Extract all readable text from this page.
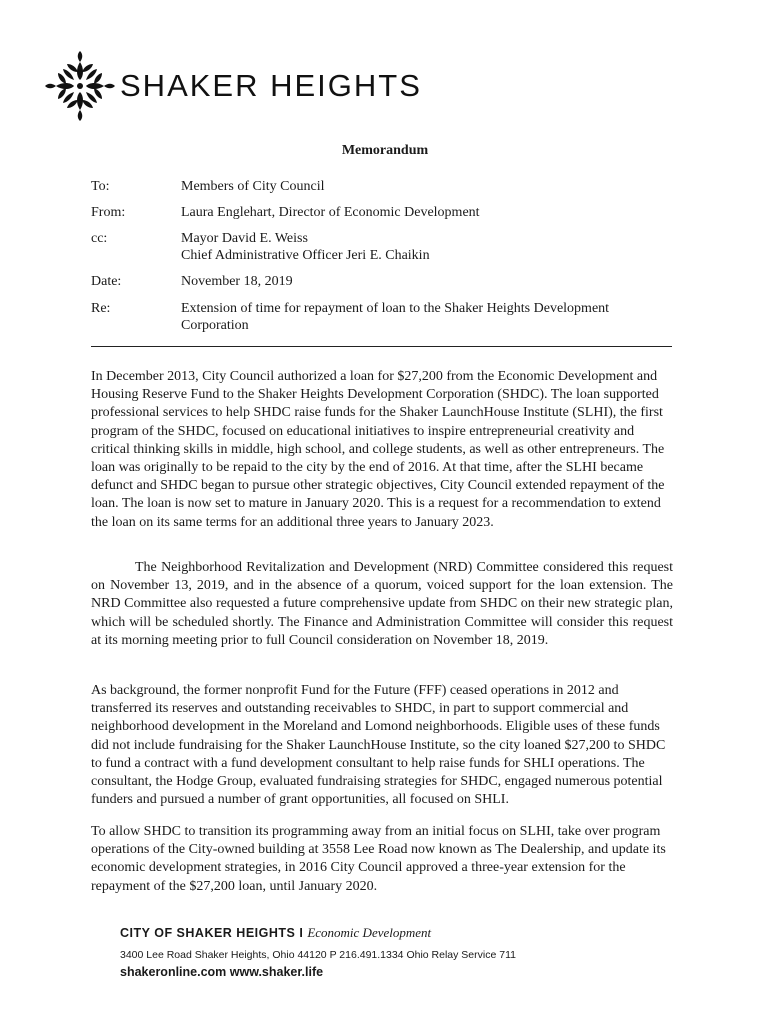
SHAKER HEIGHTS
Memorandum
To:	Members of City Council
From:	Laura Englehart, Director of Economic Development
cc:	Mayor David E. Weiss
Chief Administrative Officer Jeri E. Chaikin
Date:	November 18, 2019
Re:	Extension of time for repayment of loan to the Shaker Heights Development Corporation
In December 2013, City Council authorized a loan for $27,200 from the Economic Development and Housing Reserve Fund to the Shaker Heights Development Corporation (SHDC). The loan supported professional services to help SHDC raise funds for the Shaker LaunchHouse Institute (SLHI), the first program of the SHDC, focused on educational initiatives to inspire entrepreneurial creativity and critical thinking skills in middle, high school, and college students, as well as other entrepreneurs. The loan was originally to be repaid to the city by the end of 2016. At that time, after the SLHI became defunct and SHDC began to pursue other strategic objectives, City Council extended repayment of the loan. The loan is now set to mature in January 2020. This is a request for a recommendation to extend the loan on its same terms for an additional three years to January 2023.
The Neighborhood Revitalization and Development (NRD) Committee considered this request on November 13, 2019, and in the absence of a quorum, voiced support for the loan extension. The NRD Committee also requested a future comprehensive update from SHDC on their new strategic plan, which will be scheduled shortly. The Finance and Administration Committee will consider this request at its morning meeting prior to full Council consideration on November 18, 2019.
As background, the former nonprofit Fund for the Future (FFF) ceased operations in 2012 and transferred its reserves and outstanding receivables to SHDC, in part to support commercial and neighborhood development in the Moreland and Lomond neighborhoods. Eligible uses of these funds did not include fundraising for the Shaker LaunchHouse Institute, so the city loaned $27,200 to SHDC to fund a contract with a fund development consultant to help raise funds for SHLI operations. The consultant, the Hodge Group, evaluated fundraising strategies for SHDC, engaged numerous potential funders and pursued a number of grant opportunities, all focused on SHLI.
To allow SHDC to transition its programming away from an initial focus on SLHI, take over program operations of the City-owned building at 3558 Lee Road now known as The Dealership, and update its economic development strategies, in 2016 City Council approved a three-year extension for the repayment of the $27,200 loan, until January 2020.
CITY OF SHAKER HEIGHTS I Economic Development
3400 Lee Road Shaker Heights, Ohio 44120 P 216.491.1334 Ohio Relay Service 711
shakeronline.com www.shaker.life
